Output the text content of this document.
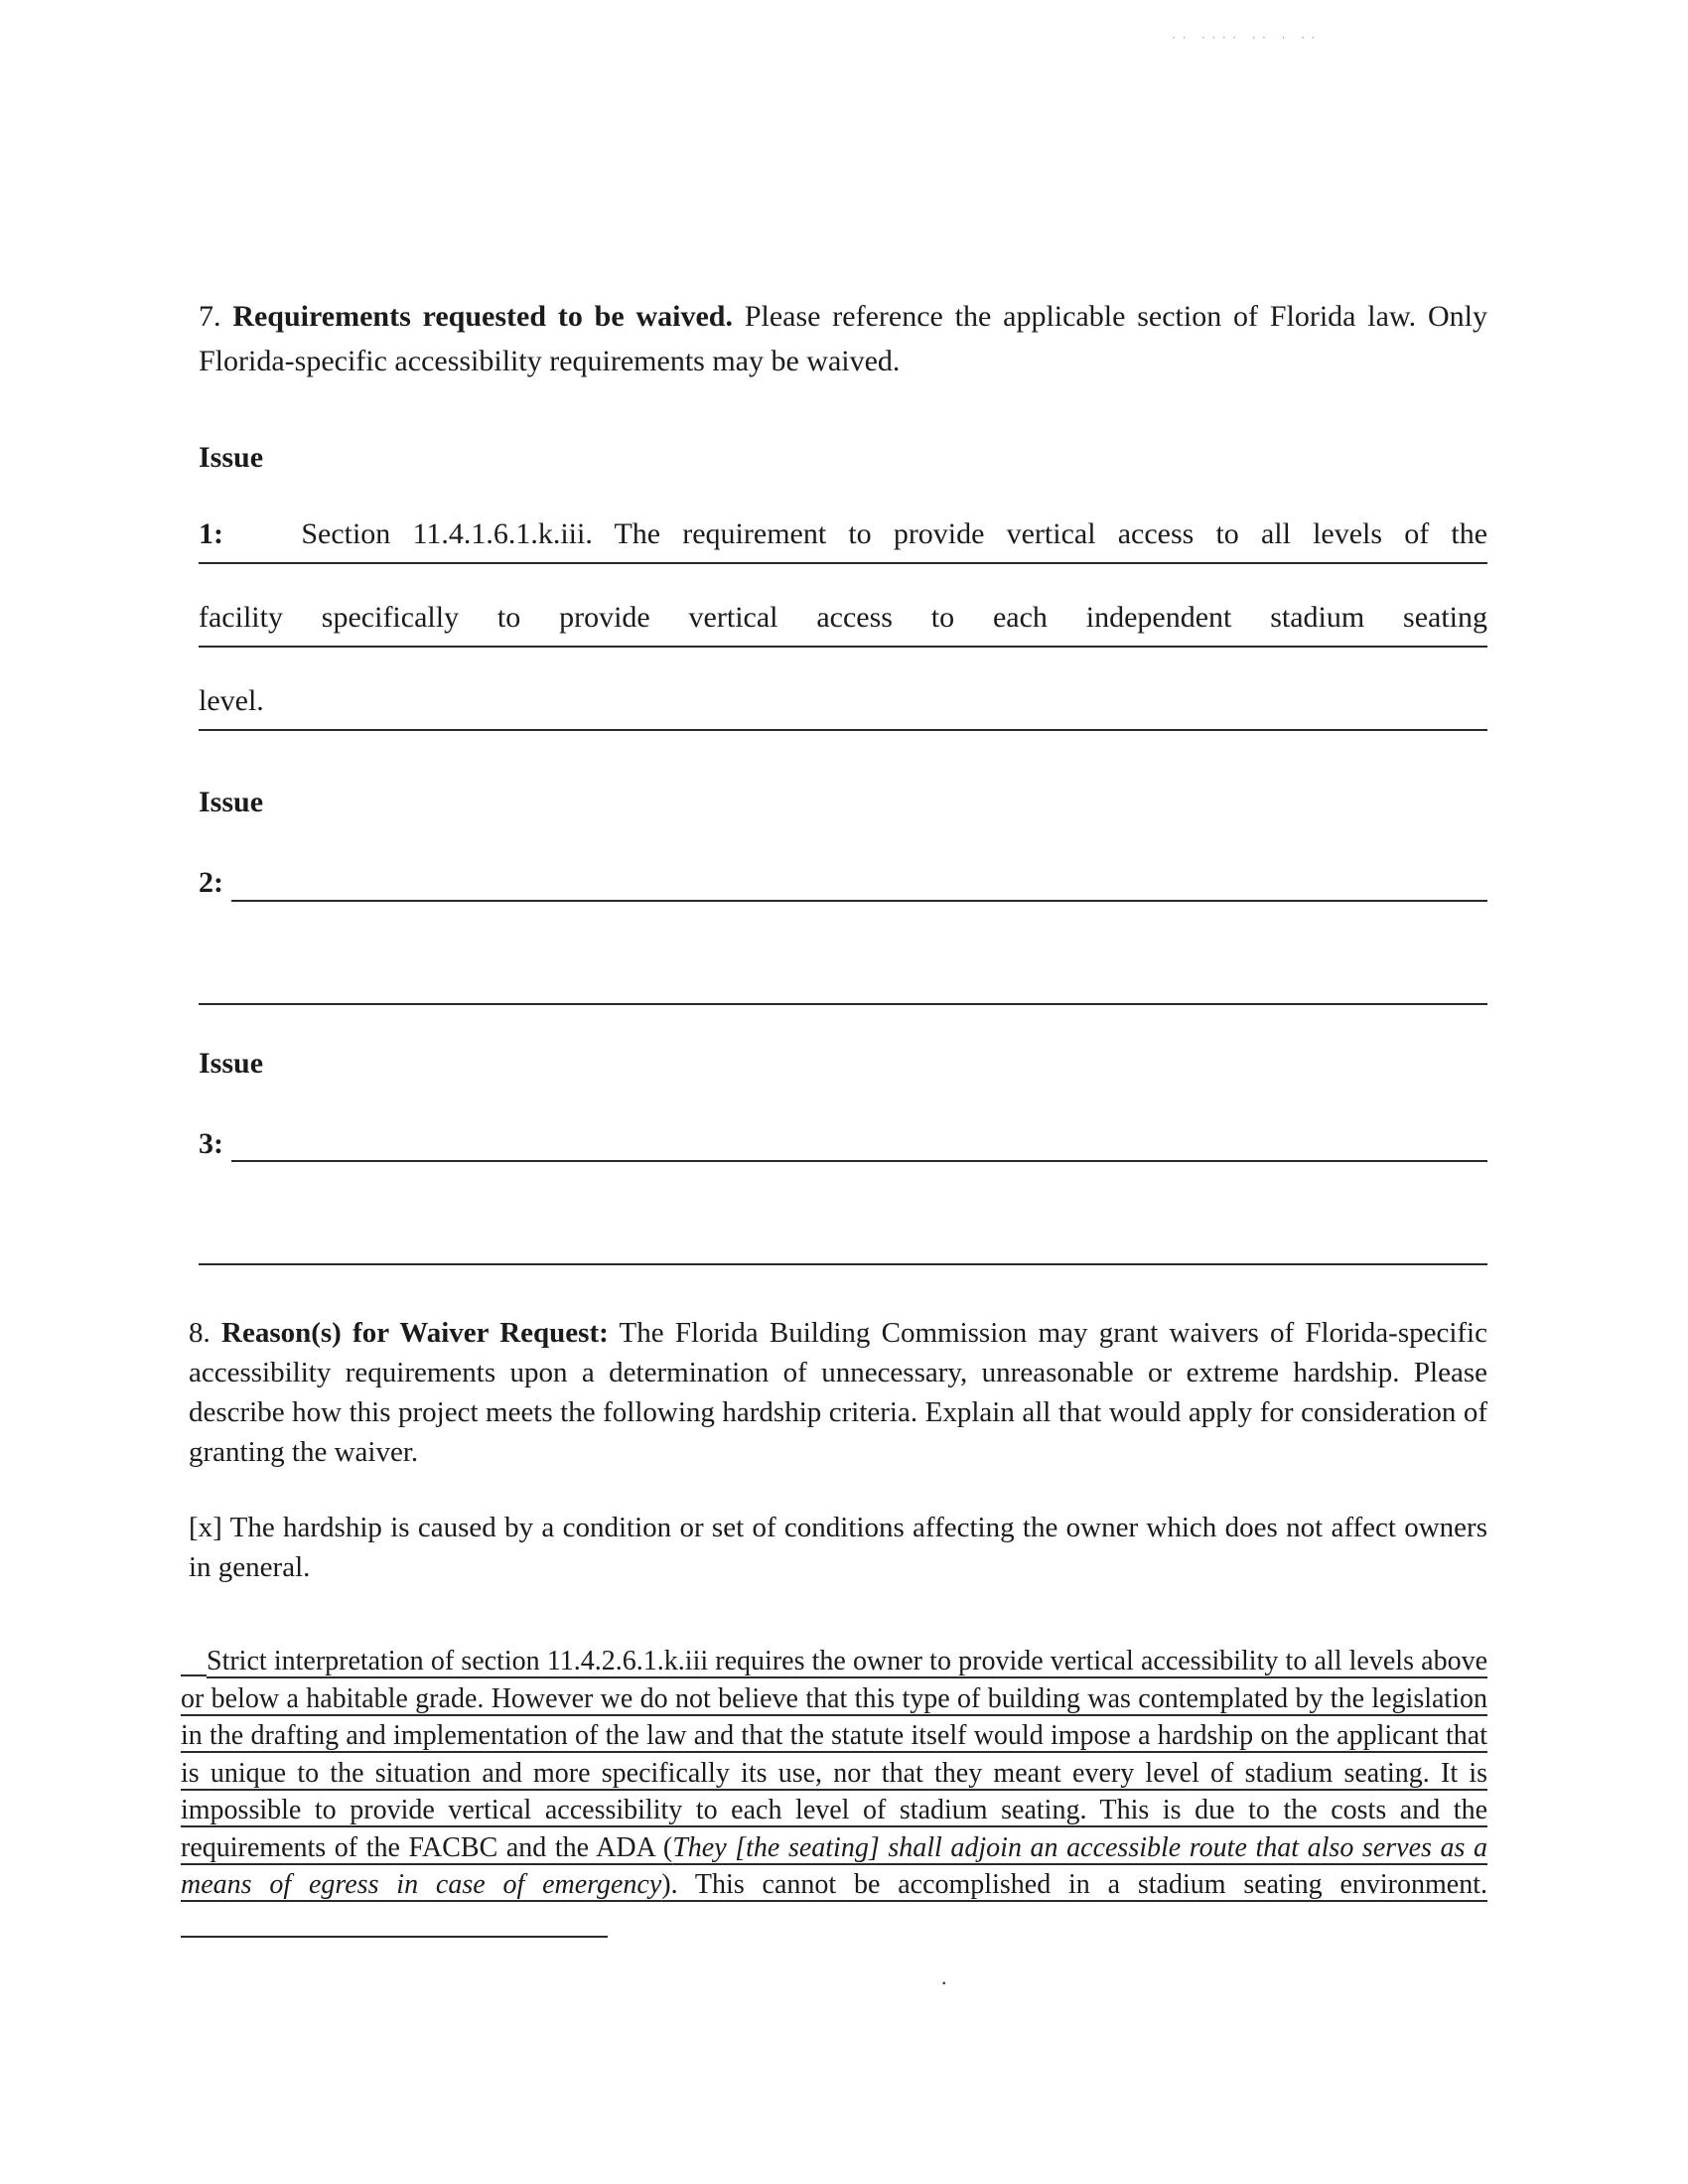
·· ···· ·· · ··

7. Requirements requested to be waived. Please reference the applicable section of Florida law. Only Florida-specific accessibility requirements may be waived.

Issue

1:	Section 11.4.1.6.1.k.iii. The requirement to provide vertical access to all levels of the
facility specifically to provide vertical access to each independent stadium seating
level.

Issue

2:

Issue

3:

8. Reason(s) for Waiver Request: The Florida Building Commission may grant waivers of Florida-specific accessibility requirements upon a determination of unnecessary, unreasonable or extreme hardship. Please describe how this project meets the following hardship criteria. Explain all that would apply for consideration of granting the waiver.

[x] The hardship is caused by a condition or set of conditions affecting the owner which does not affect owners in general.

Strict interpretation of section 11.4.2.6.1.k.iii requires the owner to provide vertical accessibility to all levels above or below a habitable grade. However we do not believe that this type of building was contemplated by the legislation in the drafting and implementation of the law and that the statute itself would impose a hardship on the applicant that is unique to the situation and more specifically its use, nor that they meant every level of stadium seating. It is impossible to provide vertical accessibility to each level of stadium seating. This is due to the costs and the requirements of the FACBC and the ADA (They [the seating] shall adjoin an accessible route that also serves as a means of egress in case of emergency). This cannot be accomplished in a stadium seating environment.

.
